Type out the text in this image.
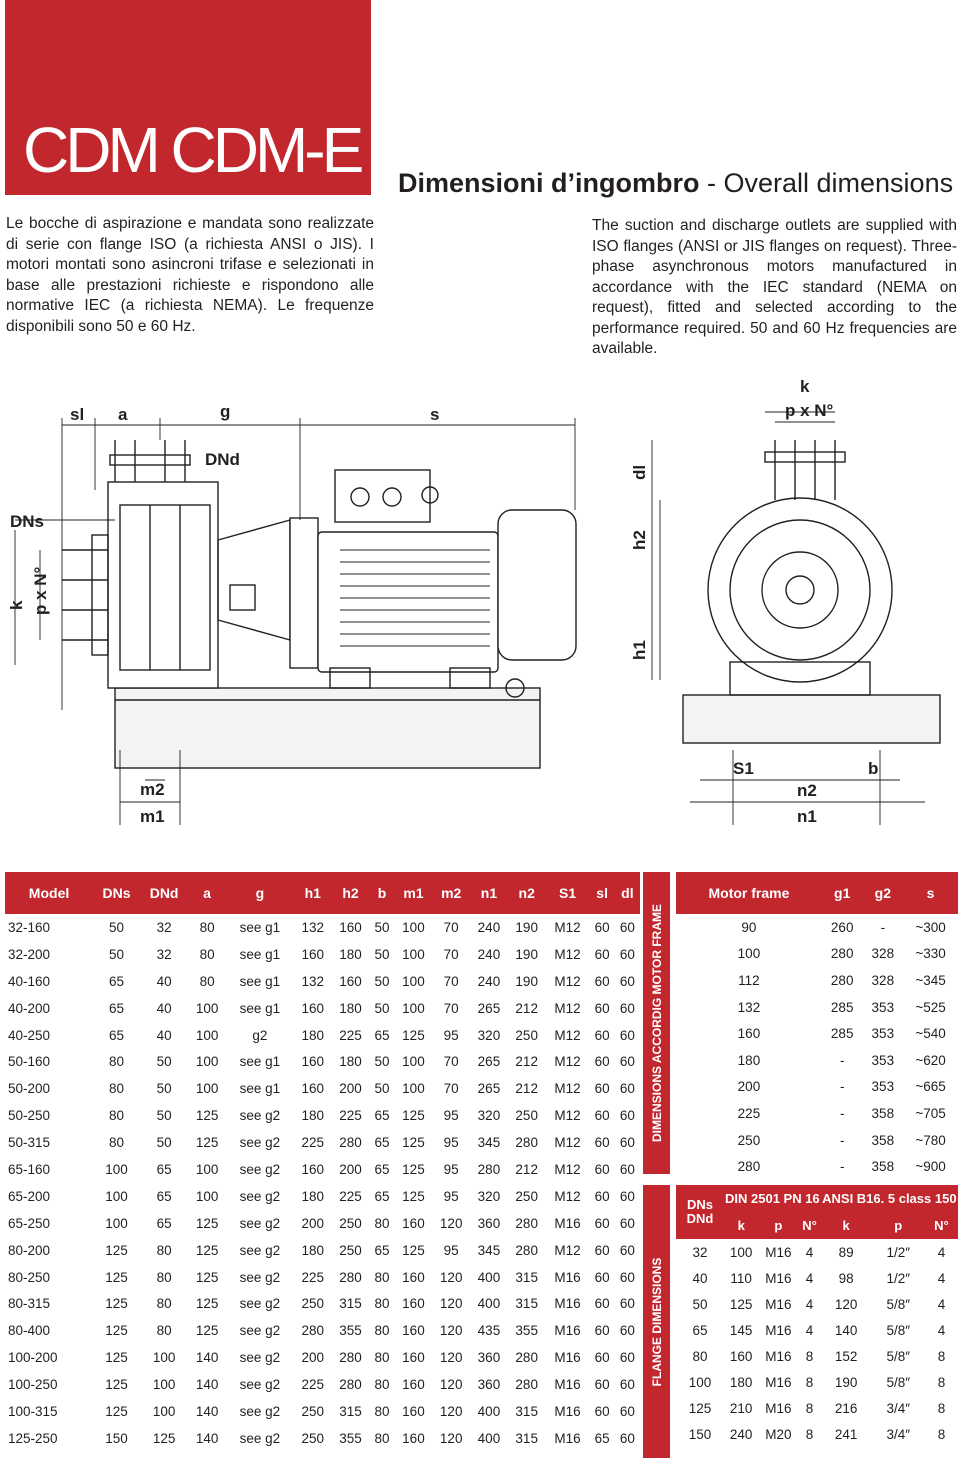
CDM CDM-E Dimensioni d’ingombro - Overall dimensions
Le bocche di aspirazione e mandata sono realizzate di serie con flange ISO (a richiesta ANSI o JIS). I motori montati sono asincroni trifase e selezionati in base alle prestazioni richieste e rispondono alle normative IEC (a richiesta NEMA). Le frequenze disponibili sono 50 e 60 Hz.
The suction and discharge outlets are supplied with ISO flanges (ANSI or JIS flanges on request). Three-phase asynchronous motors manufactured in accordance with the IEC standard (NEMA on request), fitted and selected according to the performance required. 50 and 60 Hz frequencies are available.
sl a	g	s
DNd
DNs
k p x N°
m2
m1
k
p x N°
dl
h2
h1
S1	b
n2
n1
Model	DNs	DNd	a	g	h1	h2	b	m1	m2	n1	n2	S1	sl	dl
32-160	50	32	80	see g1	132	160	50	100	70	240	190	M12	60	60
32-200	50	32	80	see g1	160	180	50	100	70	240	190	M12	60	60
40-160	65	40	80	see g1	132	160	50	100	70	240	190	M12	60	60
40-200	65	40	100	see g1	160	180	50	100	70	265	212	M12	60	60
40-250	65	40	100	g2	180	225	65	125	95	320	250	M12	60	60
50-160	80	50	100	see g1	160	180	50	100	70	265	212	M12	60	60
50-200	80	50	100	see g1	160	200	50	100	70	265	212	M12	60	60
50-250	80	50	125	see g2	180	225	65	125	95	320	250	M12	60	60
50-315	80	50	125	see g2	225	280	65	125	95	345	280	M12	60	60
65-160	100	65	100	see g2	160	200	65	125	95	280	212	M12	60	60
65-200	100	65	100	see g2	180	225	65	125	95	320	250	M12	60	60
65-250	100	65	125	see g2	200	250	80	160	120	360	280	M16	60	60
80-200	125	80	125	see g2	180	250	65	125	95	345	280	M12	60	60
80-250	125	80	125	see g2	225	280	80	160	120	400	315	M16	60	60
80-315	125	80	125	see g2	250	315	80	160	120	400	315	M16	60	60
80-400	125	80	125	see g2	280	355	80	160	120	435	355	M16	60	60
100-200	125	100	140	see g2	200	280	80	160	120	360	280	M16	60	60
100-250	125	100	140	see g2	225	280	80	160	120	360	280	M16	60	60
100-315	125	100	140	see g2	250	315	80	160	120	400	315	M16	60	60
125-250	150	125	140	see g2	250	355	80	160	120	400	315	M16	65	60
DIMENSIONS ACCORDIG MOTOR FRAME
FLANGE DIMENSIONS
Motor frame	g1	g2	s
90	260	-	~300
100	280	328	~330
112	280	328	~345
132	285	353	~525
160	285	353	~540
180	-	353	~620
200	-	353	~665
225	-	358	~705
250	-	358	~780
280	-	358	~900
DNs DNd	DIN 2501 PN 16			ANSI B16. 5 class 150		
	k	p	N°	k	p	N°
32	100	M16	4	89	1/2″	4
40	110	M16	4	98	1/2″	4
50	125	M16	4	120	5/8″	4
65	145	M16	4	140	5/8″	4
80	160	M16	8	152	5/8″	8
100	180	M16	8	190	5/8″	8
125	210	M16	8	216	3/4″	8
150	240	M20	8	241	3/4″	8
